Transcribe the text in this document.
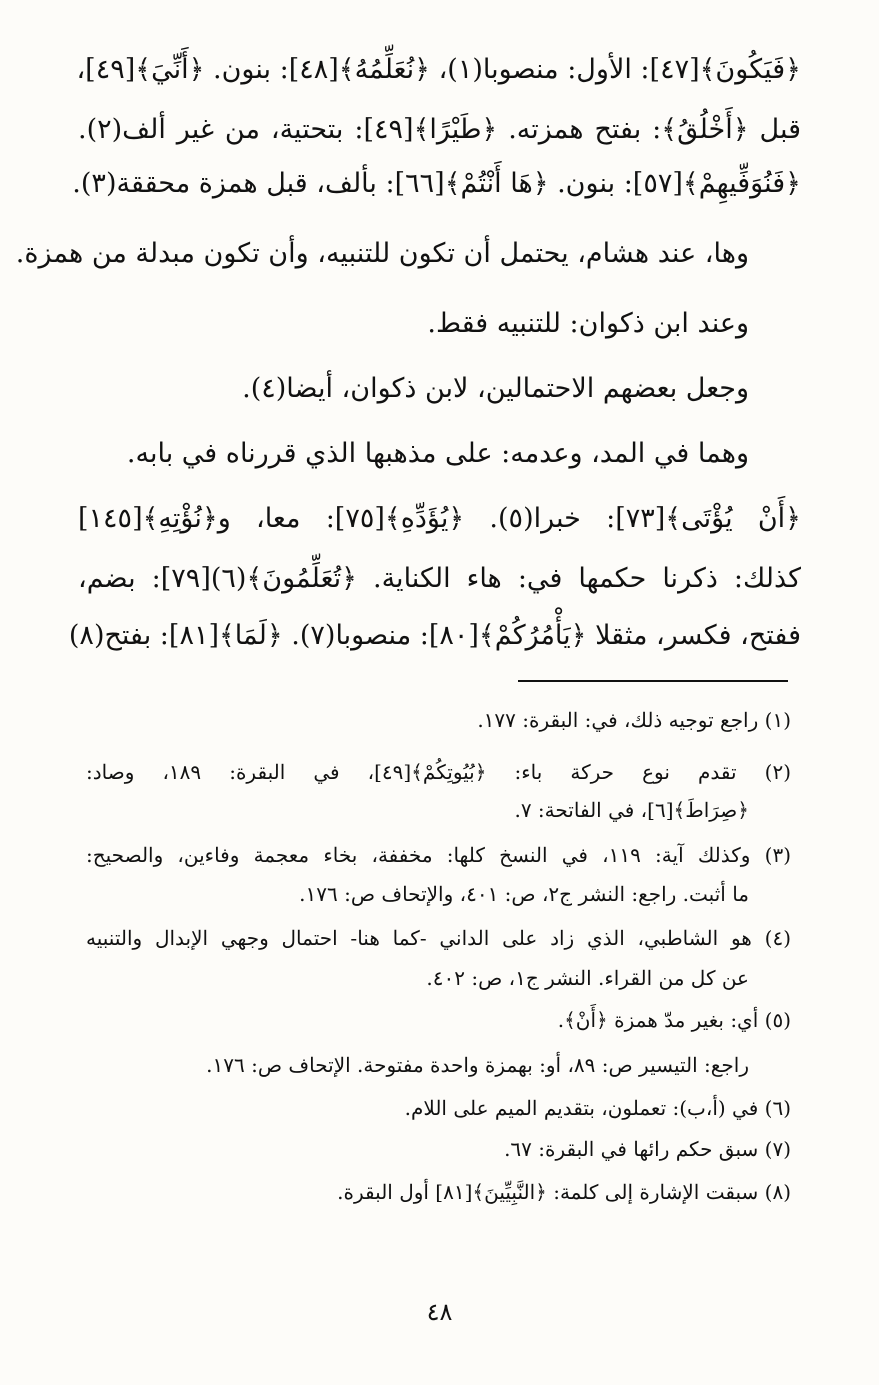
﴿فَيَكُونَ﴾[٤٧]: الأول: منصوبا(١)، ﴿نُعَلِّمُهُ﴾[٤٨]: بنون. ﴿أَنِّيَ﴾[٤٩]،
قبل ﴿أَخْلُقُ﴾: بفتح همزته. ﴿طَيْرًا﴾[٤٩]: بتحتية، من غير ألف(٢).
﴿فَنُوَفِّيهِمْ﴾[٥٧]: بنون. ﴿هَا أَنْتُمْ﴾[٦٦]: بألف، قبل همزة محققة(٣).
وها، عند هشام، يحتمل أن تكون للتنبيه، وأن تكون مبدلة من همزة.
وعند ابن ذكوان: للتنبيه فقط.
وجعل بعضهم الاحتمالين، لابن ذكوان، أيضا(٤).
وهما في المد، وعدمه: على مذهبها الذي قررناه في بابه.
﴿أَنْ يُؤْتَى﴾[٧٣]: خبرا(٥). ﴿يُؤَدِّهِ﴾[٧٥]: معا، و﴿نُؤْتِهِ﴾[١٤٥]
كذلك: ذكرنا حكمها في: هاء الكناية. ﴿تُعَلِّمُونَ﴾(٦)[٧٩]: بضم،
ففتح، فكسر، مثقلا ﴿يَأْمُرُكُمْ﴾[٨٠]: منصوبا(٧). ﴿لَمَا﴾[٨١]: بفتح(٨)
(١) راجع توجيه ذلك، في: البقرة: ١٧٧.
(٢) تقدم نوع حركة باء: ﴿بُيُوتِكُمْ﴾[٤٩]، في البقرة: ١٨٩، وصاد:
﴿صِرَاطَ﴾[٦]، في الفاتحة: ٧.
(٣) وكذلك آية: ١١٩، في النسخ كلها: مخففة، بخاء معجمة وفاءين، والصحيح:
ما أثبت. راجع: النشر ج٢، ص: ٤٠١، والإتحاف ص: ١٧٦.
(٤) هو الشاطبي، الذي زاد على الداني -كما هنا- احتمال وجهي الإبدال والتنبيه
عن كل من القراء. النشر ج١، ص: ٤٠٢.
(٥) أي: بغير مدّ همزة ﴿أَنْ﴾.
راجع: التيسير ص: ٨٩، أو: بهمزة واحدة مفتوحة. الإتحاف ص: ١٧٦.
(٦) في (أ،ب): تعملون، بتقديم الميم على اللام.
(٧) سبق حكم رائها في البقرة: ٦٧.
(٨) سبقت الإشارة إلى كلمة: ﴿النَّبِيِّينَ﴾[٨١] أول البقرة.
٤٨
